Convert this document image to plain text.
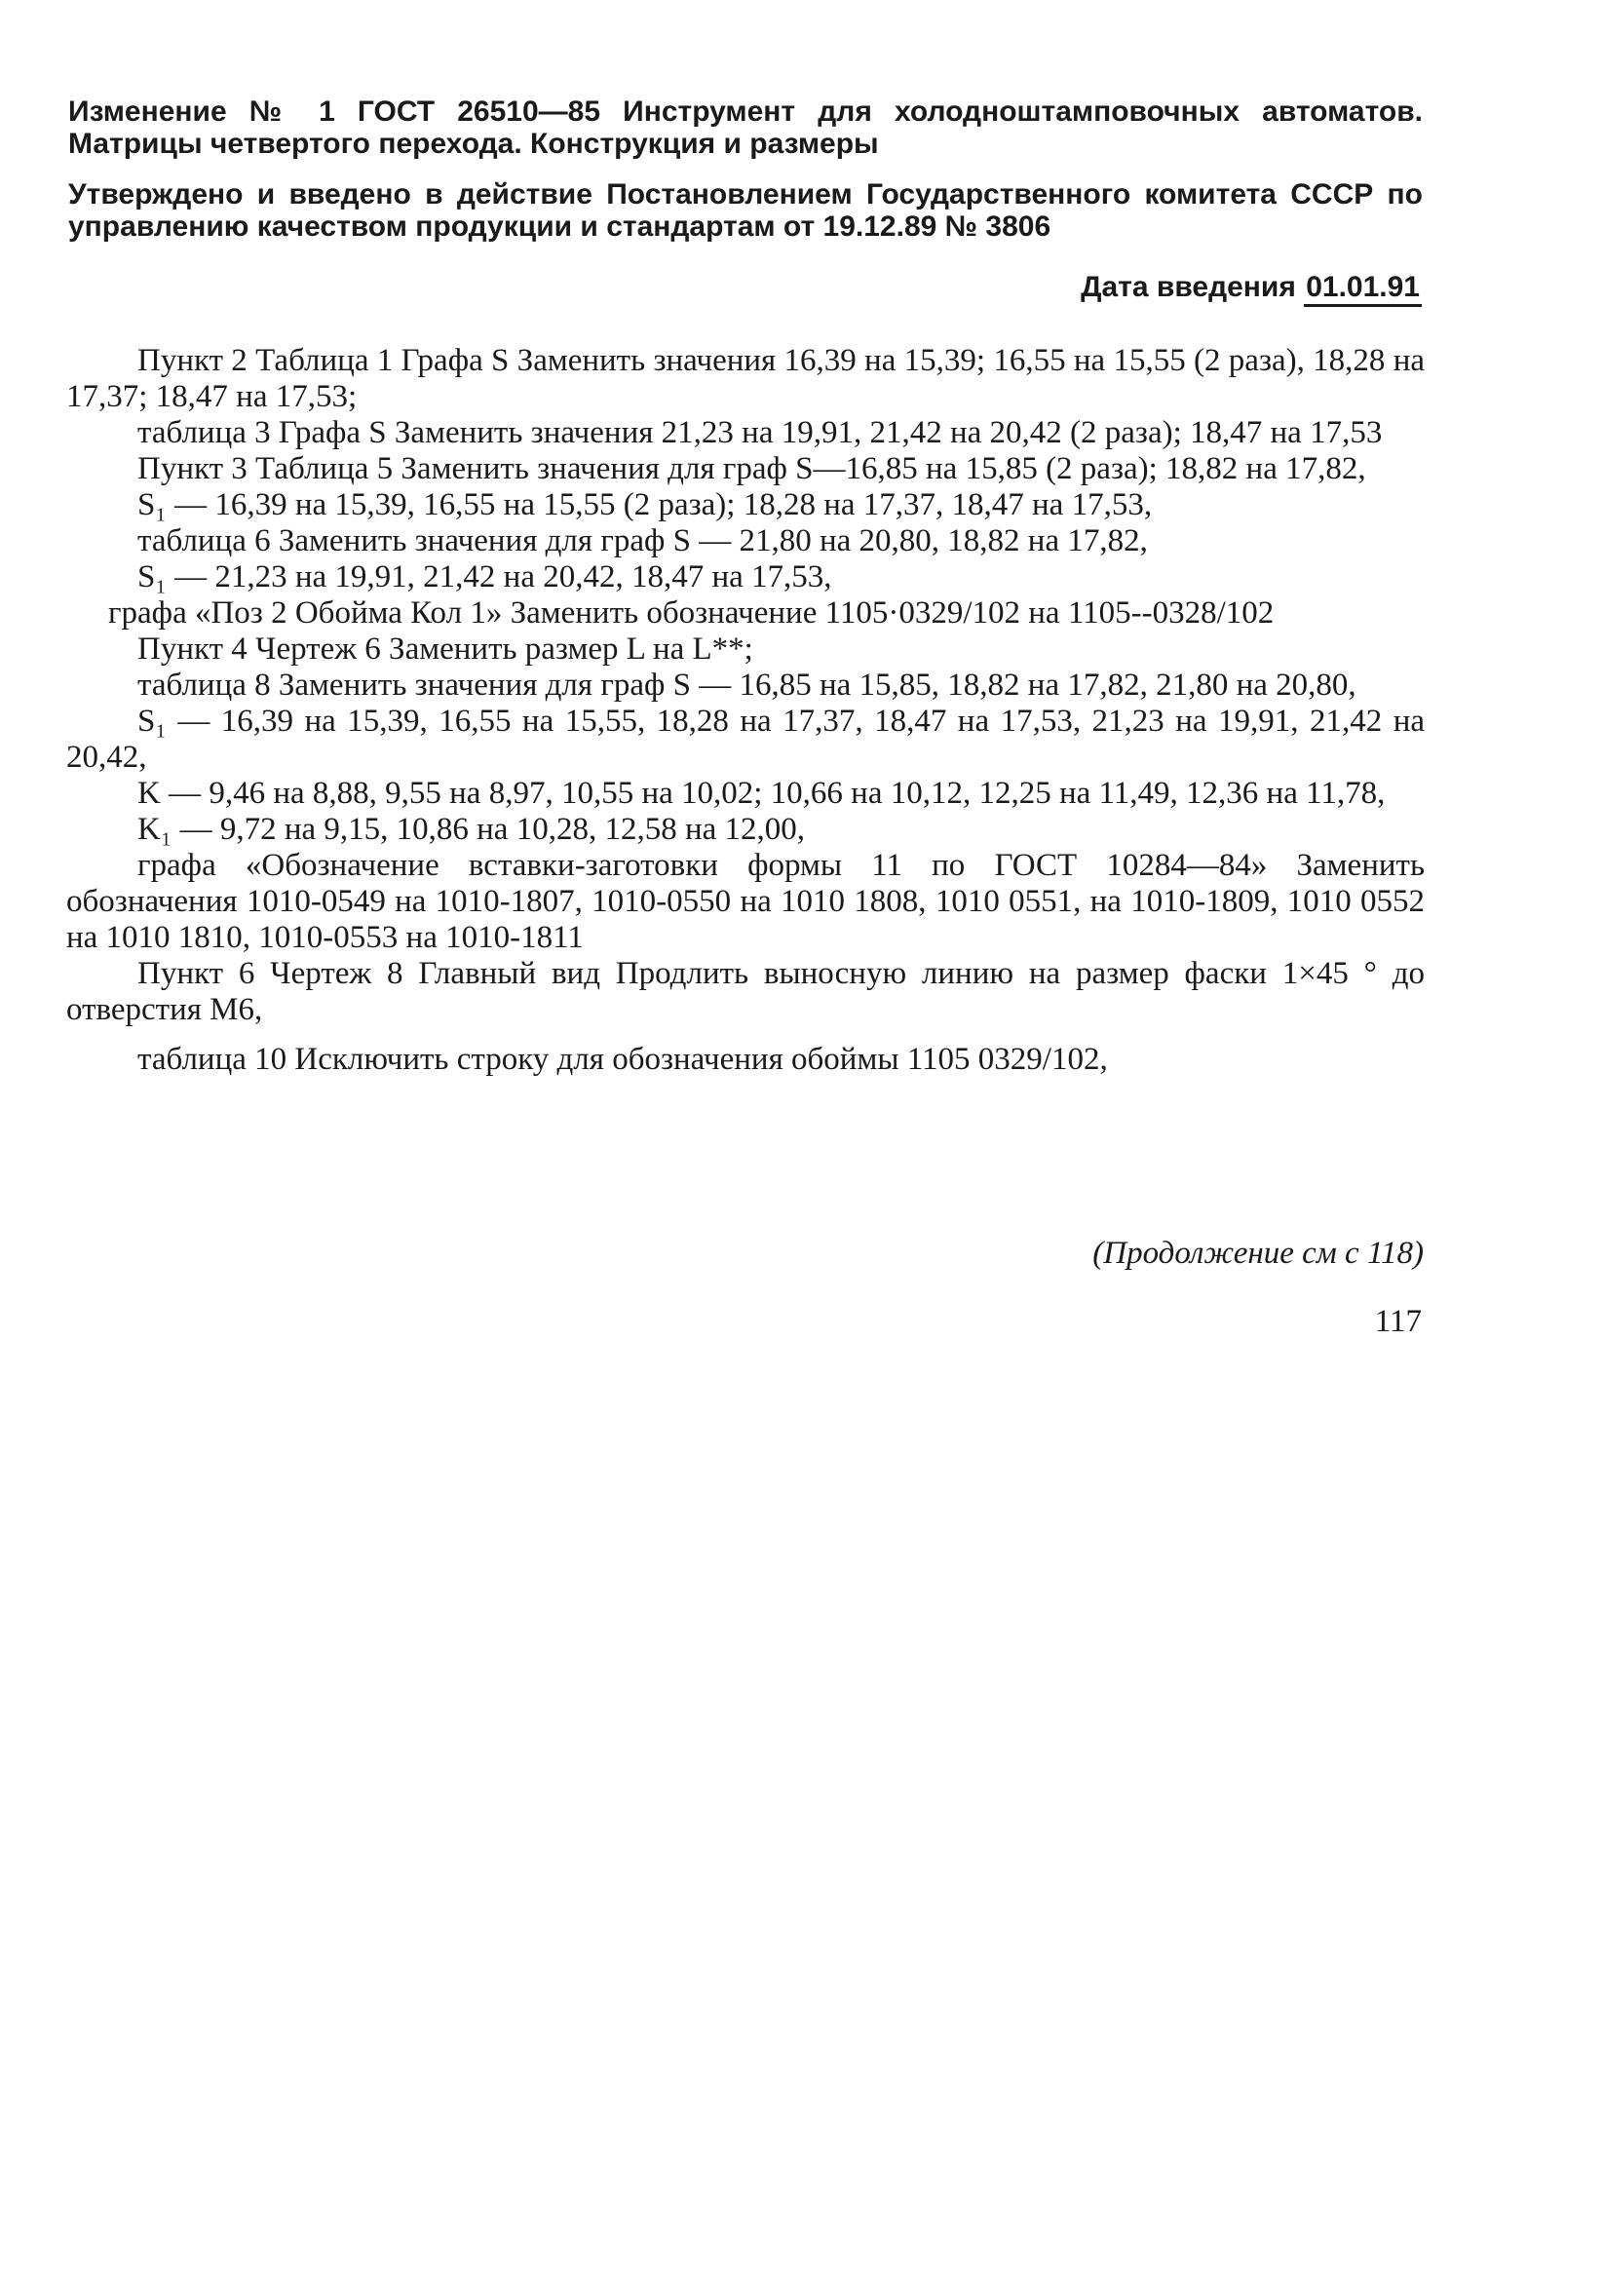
Изменение № 1 ГОСТ 26510—85 Инструмент для холодноштамповочных автоматов. Матрицы четвертого перехода. Конструкция и размеры

Утверждено и введено в действие Постановлением Государственного комитета СССР по управлению качеством продукции и стандартам от 19.12.89 № 3806

Дата введения 01.01.91

Пункт 2 Таблица 1 Графа S Заменить значения 16,39 на 15,39; 16,55 на 15,55 (2 раза), 18,28 на 17,37; 18,47 на 17,53;

таблица 3 Графа S Заменить значения 21,23 на 19,91, 21,42 на 20,42 (2 раза); 18,47 на 17,53

Пункт 3 Таблица 5 Заменить значения для граф S—16,85 на 15,85 (2 раза); 18,82 на 17,82,

S₁ — 16,39 на 15,39, 16,55 на 15,55 (2 раза); 18,28 на 17,37, 18,47 на 17,53,

таблица 6 Заменить значения для граф S — 21,80 на 20,80, 18,82 на 17,82,

S₁ — 21,23 на 19,91, 21,42 на 20,42, 18,47 на 17,53,

графа «Поз 2 Обойма Кол 1» Заменить обозначение 1105·0329/102 на 1105-‑0328/102

Пункт 4 Чертеж 6 Заменить размер L на L**;

таблица 8 Заменить значения для граф S — 16,85 на 15,85, 18,82 на 17,82, 21,80 на 20,80,

S₁ — 16,39 на 15,39, 16,55 на 15,55, 18,28 на 17,37, 18,47 на 17,53, 21,23 на 19,91, 21,42 на 20,42,

K — 9,46 на 8,88, 9,55 на 8,97, 10,55 на 10,02; 10,66 на 10,12, 12,25 на 11,49, 12,36 на 11,78,

K₁ — 9,72 на 9,15, 10,86 на 10,28, 12,58 на 12,00,

графа «Обозначение вставки-заготовки формы 11 по ГОСТ 10284—84» Заменить обозначения 1010-0549 на 1010-1807, 1010-0550 на 1010 1808, 1010 0551, на 1010-1809, 1010 0552 на 1010 1810, 1010-0553 на 1010-1811

Пункт 6 Чертеж 8 Главный вид Продлить выносную линию на размер фаски 1×45 ° до отверстия М6,

таблица 10 Исключить строку для обозначения обоймы 1105 0329/102,

(Продолжение см с 118)
117
